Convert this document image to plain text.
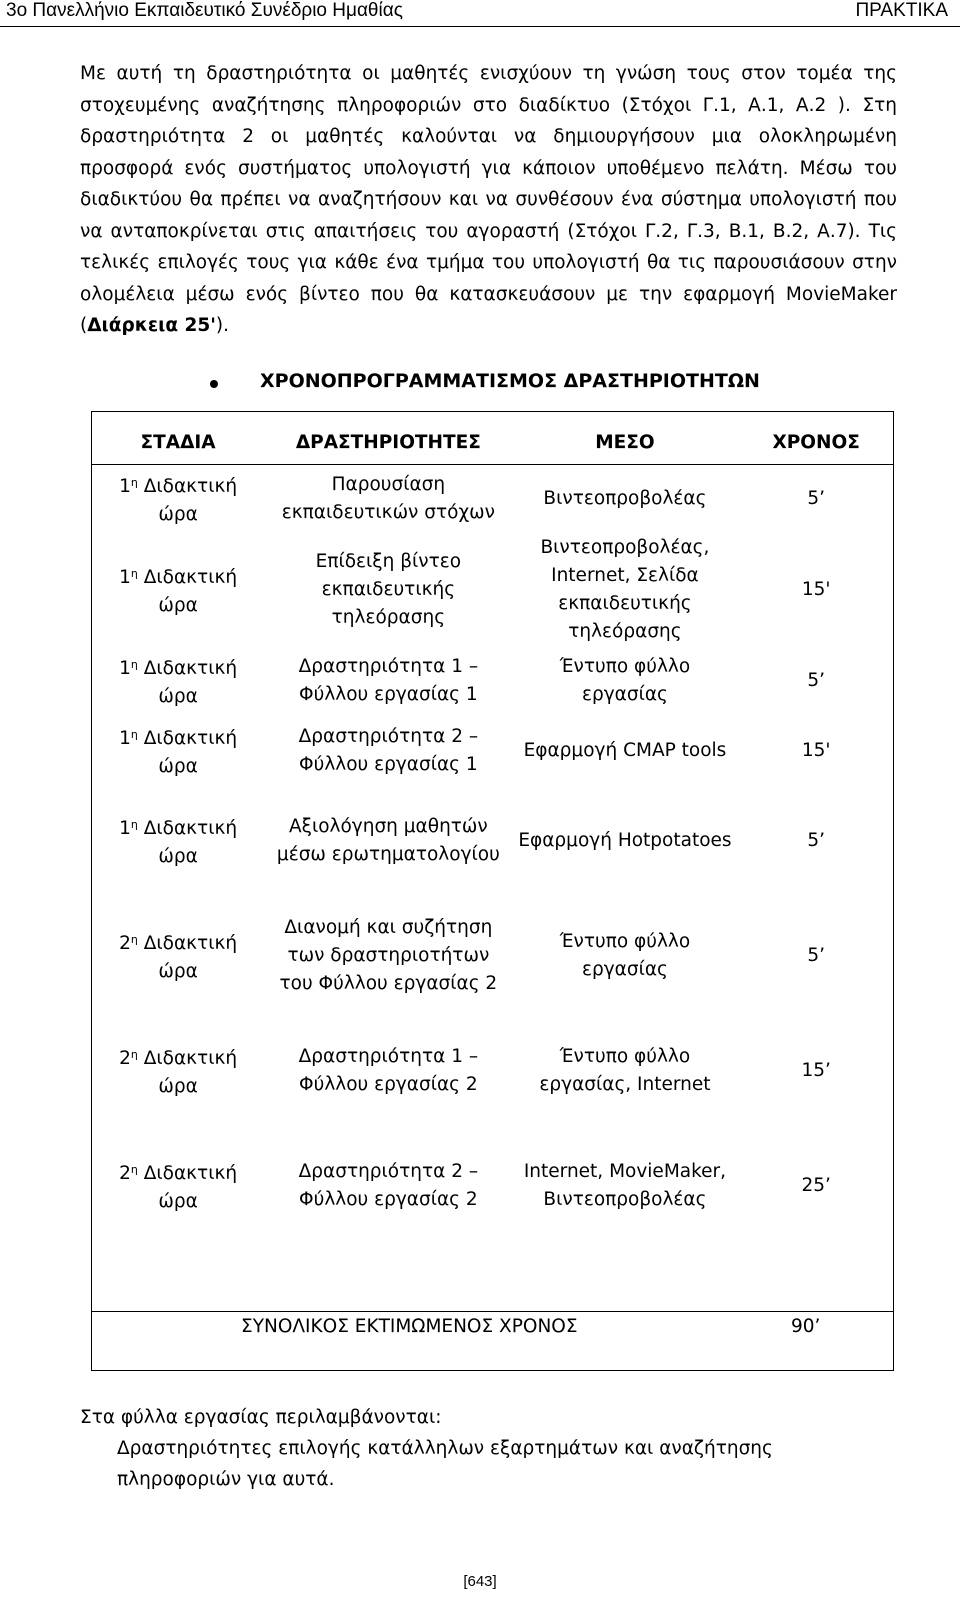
3ο Πανελλήνιο Εκπαιδευτικό Συνέδριο Ημαθίας	ΠΡΑΚΤΙΚΑ
Με αυτή τη δραστηριότητα οι μαθητές ενισχύουν τη γνώση τους στον τομέα της στοχευμένης αναζήτησης πληροφοριών στο διαδίκτυο (Στόχοι Γ.1, Α.1, Α.2 ). Στη δραστηριότητα 2 οι μαθητές καλούνται να δημιουργήσουν μια ολοκληρωμένη προσφορά ενός συστήματος υπολογιστή για κάποιον υποθέμενο πελάτη. Μέσω του διαδικτύου θα πρέπει να αναζητήσουν και να συνθέσουν ένα σύστημα υπολογιστή που να ανταποκρίνεται στις απαιτήσεις του αγοραστή (Στόχοι Γ.2, Γ.3, Β.1, Β.2, Α.7). Τις τελικές επιλογές τους για κάθε ένα τμήμα του υπολογιστή θα τις παρουσιάσουν στην ολομέλεια μέσω ενός βίντεο που θα κατασκευάσουν με την εφαρμογή MovieMaker (Διάρκεια 25').
ΧΡΟΝΟΠΡΟΓΡΑΜΜΑΤΙΣΜΟΣ ΔΡΑΣΤΗΡΙΟΤΗΤΩΝ
ΣΤΑΔΙΑ	ΔΡΑΣΤΗΡΙΟΤΗΤΕΣ	ΜΕΣΟ	ΧΡΟΝΟΣ
$1^\eta$ Διδακτική ώρα	Παρουσίαση εκπαιδευτικών στόχων	Βιντεοπροβολέας	5’
$1^\eta$ Διδακτική ώρα	Επίδειξη βίντεο εκπαιδευτικής τηλεόρασης	Βιντεοπροβολέας, Internet, Σελίδα εκπαιδευτικής τηλεόρασης	15'
$1^\eta$ Διδακτική ώρα	Δραστηριότητα 1 – Φύλλου εργασίας 1	Έντυπο φύλλο εργασίας	5’
$1^\eta$ Διδακτική ώρα	Δραστηριότητα 2 – Φύλλου εργασίας 1	Εφαρμογή CMAP tools	15'
$1^\eta$ Διδακτική ώρα	Αξιολόγηση μαθητών μέσω ερωτηματολογίου	Εφαρμογή Hotpotatoes	5’
$2^\eta$ Διδακτική ώρα	Διανομή και συζήτηση των δραστηριοτήτων του Φύλλου εργασίας 2	Έντυπο φύλλο εργασίας	5’
$2^\eta$ Διδακτική ώρα	Δραστηριότητα 1 – Φύλλου εργασίας 2	Έντυπο φύλλο εργασίας, Internet	15’
$2^\eta$ Διδακτική ώρα	Δραστηριότητα 2 – Φύλλου εργασίας 2	Internet, MovieMaker, Βιντεοπροβολέας	25’
ΣΥΝΟΛΙΚΟΣ ΕΚΤΙΜΩΜΕΝΟΣ ΧΡΟΝΟΣ	90’
Στα φύλλα εργασίας περιλαμβάνονται:
Δραστηριότητες επιλογής κατάλληλων εξαρτημάτων και αναζήτησης πληροφοριών για αυτά.
[643]
